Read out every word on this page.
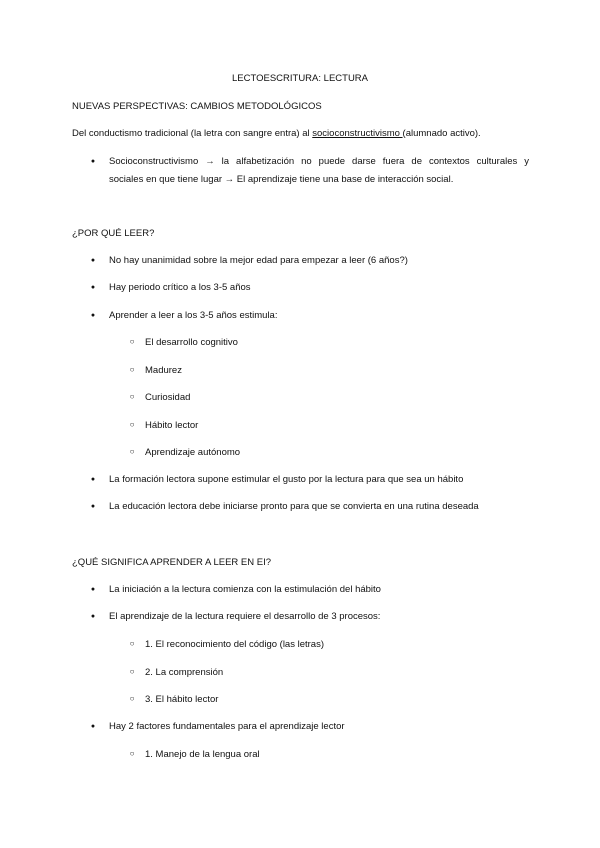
LECTOESCRITURA: LECTURA
NUEVAS PERSPECTIVAS: CAMBIOS METODOLÓGICOS
Del conductismo tradicional (la letra con sangre entra) al socioconstructivismo (alumnado activo).
●	Socioconstructivismo → la alfabetización no puede darse fuera de contextos culturales y
sociales en que tiene lugar → El aprendizaje tiene una base de interacción social.
¿POR QUÉ LEER?
●	No hay unanimidad sobre la mejor edad para empezar a leer (6 años?)
●	Hay periodo crítico a los 3-5 años
●	Aprender a leer a los 3-5 años estimula:
○	El desarrollo cognitivo
○	Madurez
○	Curiosidad
○	Hábito lector
○	Aprendizaje autónomo
●	La formación lectora supone estimular el gusto por la lectura para que sea un hábito
●	La educación lectora debe iniciarse pronto para que se convierta en una rutina deseada
¿QUÉ SIGNIFICA APRENDER A LEER EN EI?
●	La iniciación a la lectura comienza con la estimulación del hábito
●	El aprendizaje de la lectura requiere el desarrollo de 3 procesos:
○	1. El reconocimiento del código (las letras)
○	2. La comprensión
○	3. El hábito lector
●	Hay 2 factores fundamentales para el aprendizaje lector
○	1. Manejo de la lengua oral
